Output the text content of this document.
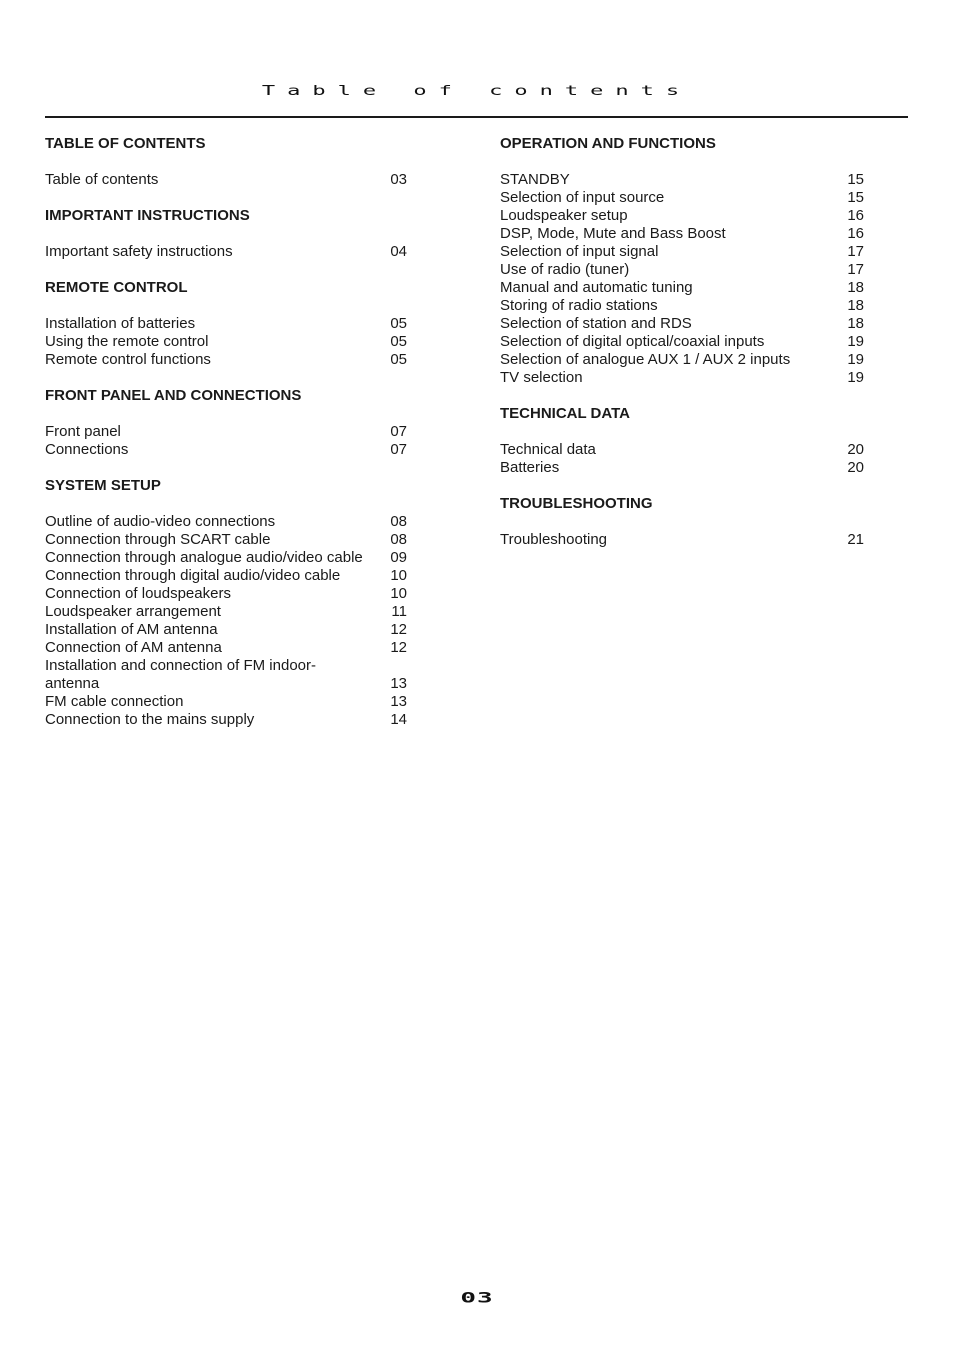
Table of contents
TABLE OF CONTENTS
Table of contents	03
IMPORTANT INSTRUCTIONS
Important safety instructions	04
REMOTE CONTROL
Installation of batteries	05
Using the remote control	05
Remote control functions	05
FRONT PANEL AND CONNECTIONS
Front panel	07
Connections	07
SYSTEM SETUP
Outline of audio-video connections	08
Connection through SCART cable	08
Connection through analogue audio/video cable 09
Connection through digital audio/video cable	10
Connection of loudspeakers	10
Loudspeaker arrangement	11
Installation of AM antenna	12
Connection of AM antenna	12
Installation and connection of FM indoor-
antenna	13
FM cable connection	13
Connection to the mains supply	14
OPERATION AND FUNCTIONS
STANDBY	15
Selection of input source	15
Loudspeaker setup	16
DSP, Mode, Mute and Bass Boost	16
Selection of input signal	17
Use of radio (tuner)	17
Manual and automatic tuning	18
Storing of radio stations	18
Selection of station and RDS	18
Selection of digital optical/coaxial inputs	19
Selection of analogue AUX 1 / AUX 2 inputs	19
TV selection	19
TECHNICAL DATA
Technical data	20
Batteries	20
TROUBLESHOOTING
Troubleshooting	21
03
